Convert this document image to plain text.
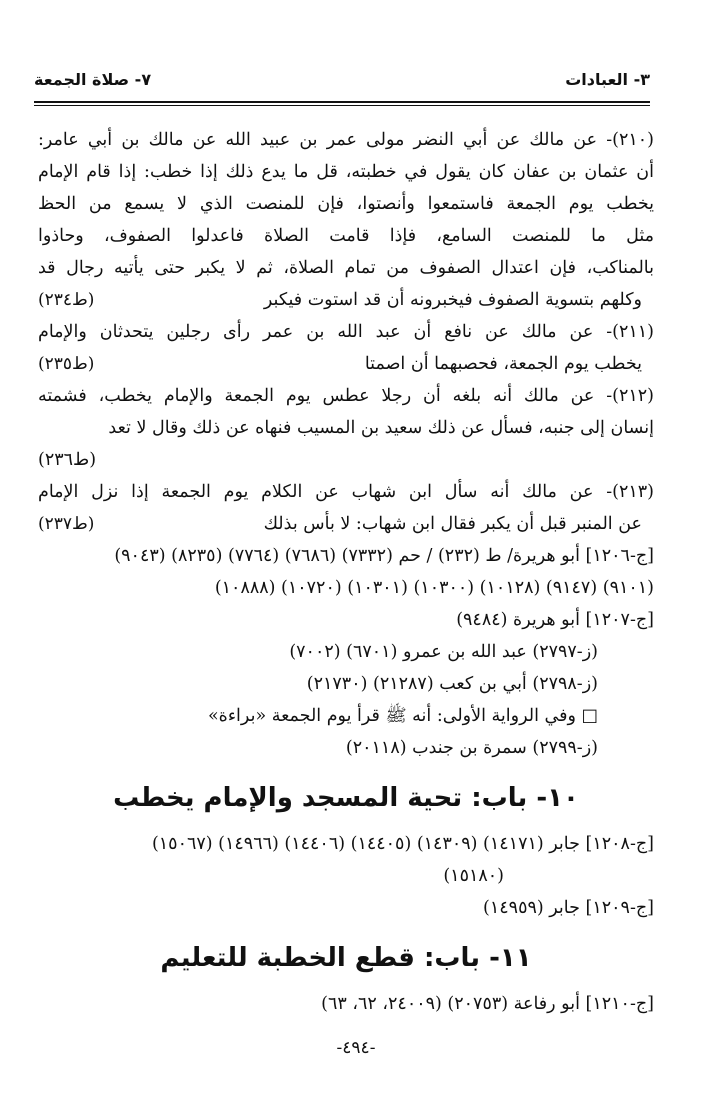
٣- العبادات
٧- صلاة الجمعة
(٢١٠)- عن مالك عن أبي النضر مولى عمر بن عبيد الله عن مالك بن أبي عامر:
أن عثمان بن عفان كان يقول في خطبته، قل ما يدع ذلك إذا خطب: إذا قام الإمام
يخطب يوم الجمعة فاستمعوا وأنصتوا، فإن للمنصت الذي لا يسمع من الحظ
مثل ما للمنصت السامع، فإذا قامت الصلاة فاعدلوا الصفوف، وحاذوا
بالمناكب، فإن اعتدال الصفوف من تمام الصلاة، ثم لا يكبر حتى يأتيه رجال قد
وكلهم بتسوية الصفوف فيخبرونه أن قد استوت فيكبر
(ط٢٣٤)
(٢١١)- عن مالك عن نافع أن عبد الله بن عمر رأى رجلين يتحدثان والإمام
يخطب يوم الجمعة، فحصبهما أن اصمتا
(ط٢٣٥)
(٢١٢)- عن مالك أنه بلغه أن رجلا عطس يوم الجمعة والإمام يخطب، فشمته
إنسان إلى جنبه، فسأل عن ذلك سعيد بن المسيب فنهاه عن ذلك وقال لا تعد
(ط٢٣٦)
(٢١٣)- عن مالك أنه سأل ابن شهاب عن الكلام يوم الجمعة إذا نزل الإمام
عن المنبر قبل أن يكبر فقال ابن شهاب: لا بأس بذلك
(ط٢٣٧)
[ج-١٢٠٦] أبو هريرة/ ط (٢٣٢) / حم (٧٣٣٢) (٧٦٨٦) (٧٧٦٤) (٨٢٣٥) (٩٠٤٣)
(٩١٠١) (٩١٤٧) (١٠١٢٨) (١٠٣٠٠) (١٠٣٠١) (١٠٧٢٠) (١٠٨٨٨)
[ج-١٢٠٧] أبو هريرة (٩٤٨٤)
(ز-٢٧٩٧) عبد الله بن عمرو (٦٧٠١) (٧٠٠٢)
(ز-٢٧٩٨) أبي بن كعب (٢١٢٨٧) (٢١٧٣٠)
□ وفي الرواية الأولى: أنه ﷺ قرأ يوم الجمعة «براءة»
(ز-٢٧٩٩) سمرة بن جندب (٢٠١١٨)
١٠- باب: تحية المسجد والإمام يخطب
[ج-١٢٠٨] جابر (١٤١٧١) (١٤٣٠٩) (١٤٤٠٥) (١٤٤٠٦) (١٤٩٦٦) (١٥٠٦٧)
(١٥١٨٠)
[ج-١٢٠٩] جابر (١٤٩٥٩)
١١- باب: قطع الخطبة للتعليم
[ج-١٢١٠] أبو رفاعة (٢٠٧٥٣) (٢٤٠٠٩، ٦٢، ٦٣)
-٤٩٤-
